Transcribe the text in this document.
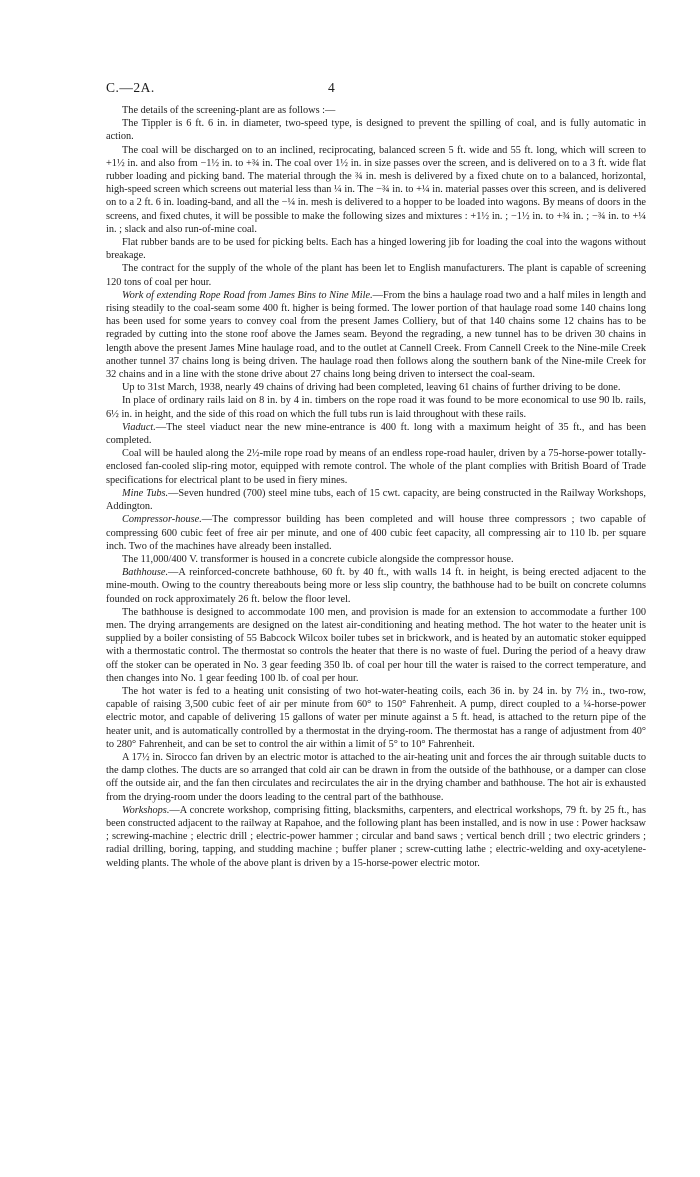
C.—2A.	4

The details of the screening-plant are as follows :—

The Tippler is 6 ft. 6 in. in diameter, two-speed type, is designed to prevent the spilling of coal, and is fully automatic in action.

The coal will be discharged on to an inclined, reciprocating, balanced screen 5 ft. wide and 55 ft. long, which will screen to +1½ in. and also from −1½ in. to +¾ in. The coal over 1½ in. in size passes over the screen, and is delivered on to a 3 ft. wide flat rubber loading and picking band. The material through the ¾ in. mesh is delivered by a fixed chute on to a balanced, horizontal, high-speed screen which screens out material less than ¼ in. The −¾ in. to +¼ in. material passes over this screen, and is delivered on to a 2 ft. 6 in. loading-band, and all the −¼ in. mesh is delivered to a hopper to be loaded into wagons. By means of doors in the screens, and fixed chutes, it will be possible to make the following sizes and mixtures : +1½ in. ; −1½ in. to +¾ in. ; −¾ in. to +¼ in. ; slack and also run-of-mine coal.

Flat rubber bands are to be used for picking belts. Each has a hinged lowering jib for loading the coal into the wagons without breakage.

The contract for the supply of the whole of the plant has been let to English manufacturers. The plant is capable of screening 120 tons of coal per hour.

Work of extending Rope Road from James Bins to Nine Mile.—From the bins a haulage road two and a half miles in length and rising steadily to the coal-seam some 400 ft. higher is being formed. The lower portion of that haulage road some 140 chains long has been used for some years to convey coal from the present James Colliery, but of that 140 chains some 12 chains has to be regraded by cutting into the stone roof above the James seam. Beyond the regrading, a new tunnel has to be driven 30 chains in length above the present James Mine haulage road, and to the outlet at Cannell Creek. From Cannell Creek to the Nine-mile Creek another tunnel 37 chains long is being driven. The haulage road then follows along the southern bank of the Nine-mile Creek for 32 chains and in a line with the stone drive about 27 chains long being driven to intersect the coal-seam.

Up to 31st March, 1938, nearly 49 chains of driving had been completed, leaving 61 chains of further driving to be done.

In place of ordinary rails laid on 8 in. by 4 in. timbers on the rope road it was found to be more economical to use 90 lb. rails, 6½ in. in height, and the side of this road on which the full tubs run is laid throughout with these rails.

Viaduct.—The steel viaduct near the new mine-entrance is 400 ft. long with a maximum height of 35 ft., and has been completed.

Coal will be hauled along the 2½-mile rope road by means of an endless rope-road hauler, driven by a 75-horse-power totally-enclosed fan-cooled slip-ring motor, equipped with remote control. The whole of the plant complies with British Board of Trade specifications for electrical plant to be used in fiery mines.

Mine Tubs.—Seven hundred (700) steel mine tubs, each of 15 cwt. capacity, are being constructed in the Railway Workshops, Addington.

Compressor-house.—The compressor building has been completed and will house three compressors ; two capable of compressing 600 cubic feet of free air per minute, and one of 400 cubic feet capacity, all compressing air to 110 lb. per square inch. Two of the machines have already been installed.

The 11,000/400 V. transformer is housed in a concrete cubicle alongside the compressor house.

Bathhouse.—A reinforced-concrete bathhouse, 60 ft. by 40 ft., with walls 14 ft. in height, is being erected adjacent to the mine-mouth. Owing to the country thereabouts being more or less slip country, the bathhouse had to be built on concrete columns founded on rock approximately 26 ft. below the floor level.

The bathhouse is designed to accommodate 100 men, and provision is made for an extension to accommodate a further 100 men. The drying arrangements are designed on the latest air-conditioning and heating method. The hot water to the heater unit is supplied by a boiler consisting of 55 Babcock Wilcox boiler tubes set in brickwork, and is heated by an automatic stoker equipped with a thermostatic control. The thermostat so controls the heater that there is no waste of fuel. During the period of a heavy draw off the stoker can be operated in No. 3 gear feeding 350 lb. of coal per hour till the water is raised to the correct temperature, and then changes into No. 1 gear feeding 100 lb. of coal per hour.

The hot water is fed to a heating unit consisting of two hot-water-heating coils, each 36 in. by 24 in. by 7½ in., two-row, capable of raising 3,500 cubic feet of air per minute from 60° to 150° Fahrenheit. A pump, direct coupled to a ¼-horse-power electric motor, and capable of delivering 15 gallons of water per minute against a 5 ft. head, is attached to the return pipe of the heater unit, and is automatically controlled by a thermostat in the drying-room. The thermostat has a range of adjustment from 40° to 280° Fahrenheit, and can be set to control the air within a limit of 5° to 10° Fahrenheit.

A 17½ in. Sirocco fan driven by an electric motor is attached to the air-heating unit and forces the air through suitable ducts to the damp clothes. The ducts are so arranged that cold air can be drawn in from the outside of the bathhouse, or a damper can close off the outside air, and the fan then circulates and recirculates the air in the drying chamber and bathhouse. The hot air is exhausted from the drying-room under the doors leading to the central part of the bathhouse.

Workshops.—A concrete workshop, comprising fitting, blacksmiths, carpenters, and electrical workshops, 79 ft. by 25 ft., has been constructed adjacent to the railway at Rapahoe, and the following plant has been installed, and is now in use : Power hacksaw ; screwing-machine ; electric drill ; electric-power hammer ; circular and band saws ; vertical bench drill ; two electric grinders ; radial drilling, boring, tapping, and studding machine ; buffer planer ; screw-cutting lathe ; electric-welding and oxy-acetylene-welding plants. The whole of the above plant is driven by a 15-horse-power electric motor.
